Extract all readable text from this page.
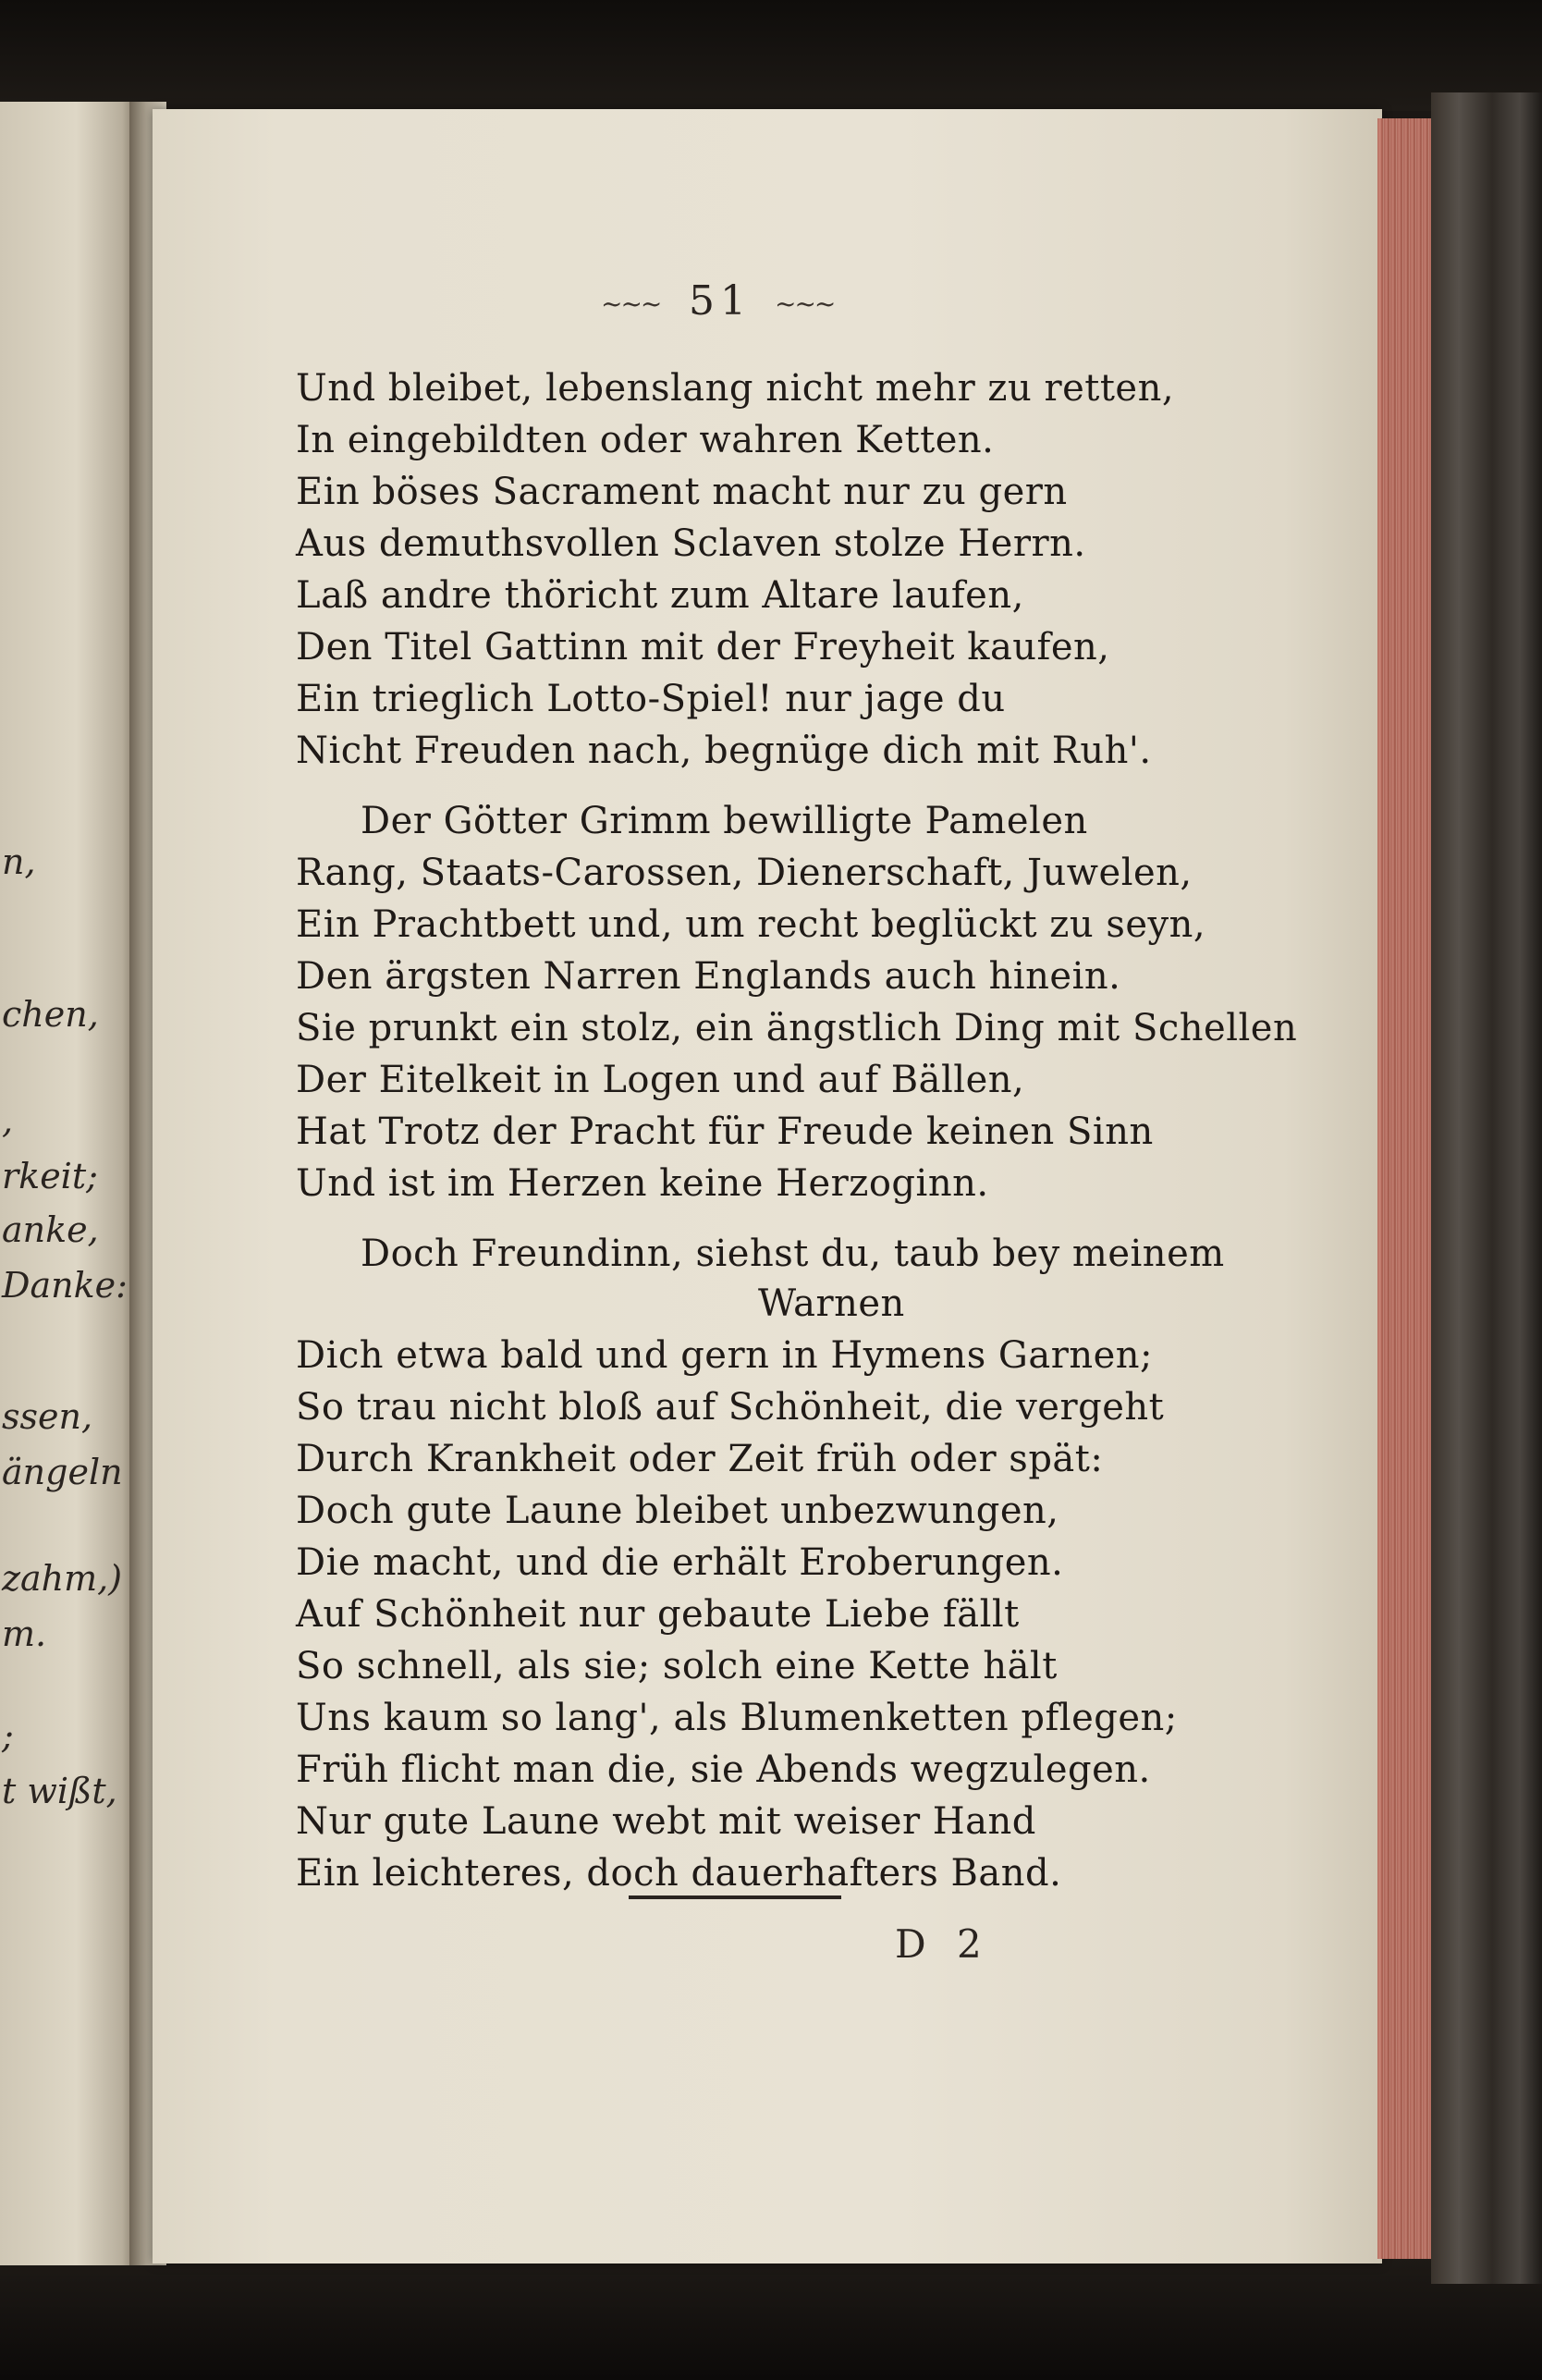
n,
chen,
,
rkeit;
anke,
Danke:
ssen,
ängeln
zahm,)
m.
;
t wißt,
~~~ 51 ~~~
Und bleibet, lebenslang nicht mehr zu retten,
In eingebildten oder wahren Ketten.
Ein böses Sacrament macht nur zu gern
Aus demuthsvollen Sclaven stolze Herrn.
Laß andre thöricht zum Altare laufen,
Den Titel Gattinn mit der Freyheit kaufen,
Ein trieglich Lotto-Spiel! nur jage du
Nicht Freuden nach, begnüge dich mit Ruh'.
Der Götter Grimm bewilligte Pamelen
Rang, Staats-Carossen, Dienerschaft, Juwelen,
Ein Prachtbett und, um recht beglückt zu seyn,
Den ärgsten Narren Englands auch hinein.
Sie prunkt ein stolz, ein ängstlich Ding mit Schellen
Der Eitelkeit in Logen und auf Bällen,
Hat Trotz der Pracht für Freude keinen Sinn
Und ist im Herzen keine Herzoginn.
Doch Freundinn, siehst du, taub bey meinem
Warnen
Dich etwa bald und gern in Hymens Garnen;
So trau nicht bloß auf Schönheit, die vergeht
Durch Krankheit oder Zeit früh oder spät:
Doch gute Laune bleibet unbezwungen,
Die macht, und die erhält Eroberungen.
Auf Schönheit nur gebaute Liebe fällt
So schnell, als sie; solch eine Kette hält
Uns kaum so lang', als Blumenketten pflegen;
Früh flicht man die, sie Abends wegzulegen.
Nur gute Laune webt mit weiser Hand
Ein leichteres, doch dauerhafters Band.
D 2
